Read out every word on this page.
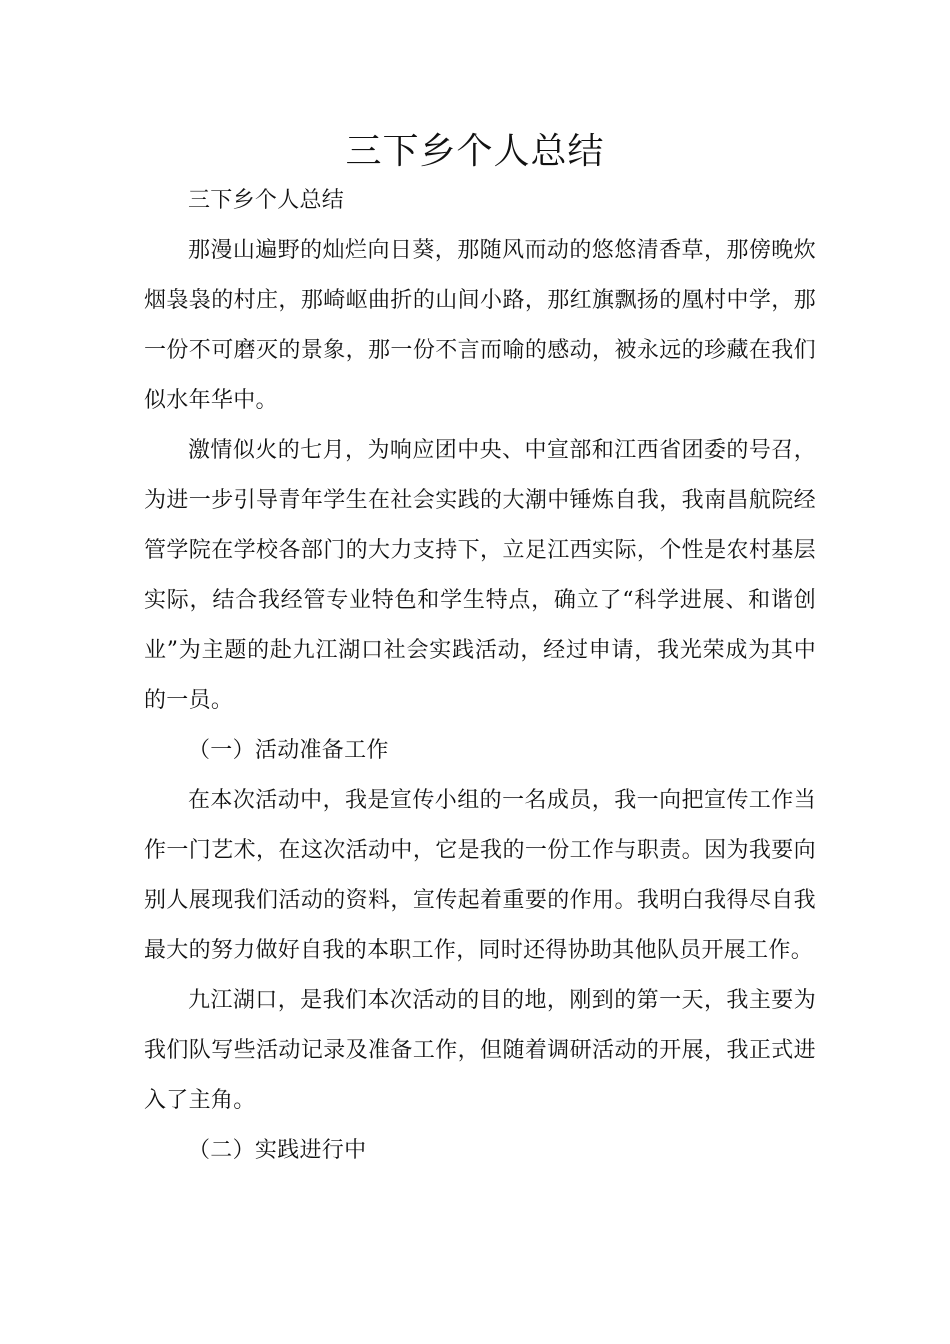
三下乡个人总结

三下乡个人总结

那漫山遍野的灿烂向日葵，那随风而动的悠悠清香草，那傍晚炊烟袅袅的村庄，那崎岖曲折的山间小路，那红旗飘扬的凰村中学，那一份不可磨灭的景象，那一份不言而喻的感动，被永远的珍藏在我们似水年华中。

激情似火的七月，为响应团中央、中宣部和江西省团委的号召，为进一步引导青年学生在社会实践的大潮中锤炼自我，我南昌航院经管学院在学校各部门的大力支持下，立足江西实际，个性是农村基层实际，结合我经管专业特色和学生特点，确立了“科学进展、和谐创业”为主题的赴九江湖口社会实践活动，经过申请，我光荣成为其中的一员。

（一）活动准备工作

在本次活动中，我是宣传小组的一名成员，我一向把宣传工作当作一门艺术，在这次活动中，它是我的一份工作与职责。因为我要向别人展现我们活动的资料，宣传起着重要的作用。我明白我得尽自我最大的努力做好自我的本职工作，同时还得协助其他队员开展工作。

九江湖口，是我们本次活动的目的地，刚到的第一天，我主要为我们队写些活动记录及准备工作，但随着调研活动的开展，我正式进入了主角。

（二）实践进行中
